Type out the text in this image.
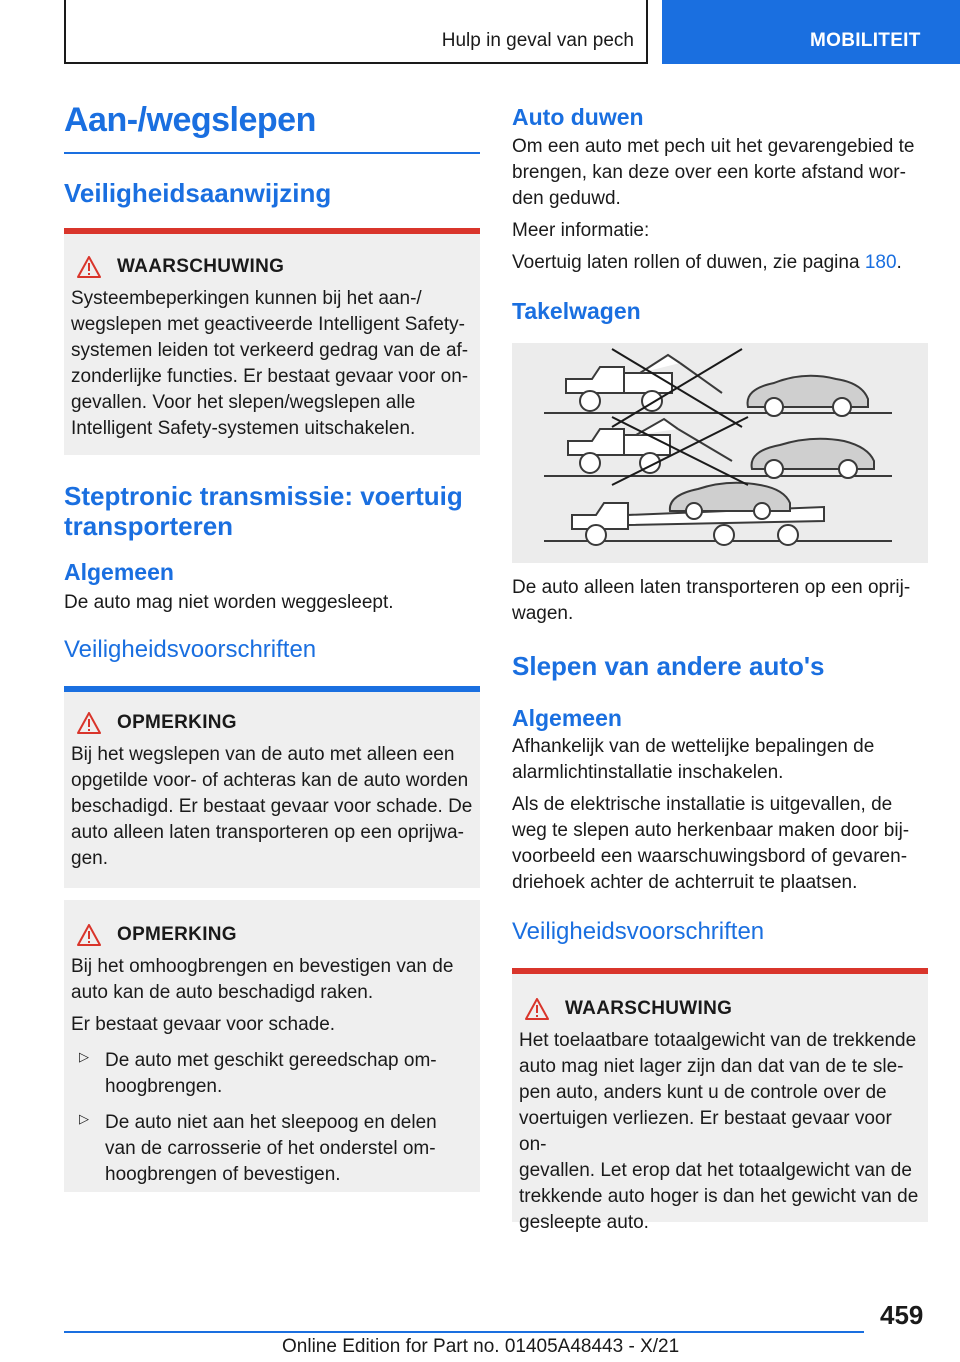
Hulp in geval van pech	MOBILITEIT
Aan-/wegslepen
Veiligheidsaanwijzing
WAARSCHUWING

Systeembeperkingen kunnen bij het aan-/

wegslepen met geactiveerde Intelligent Safety-

systemen leiden tot verkeerd gedrag van de af-

zonderlijke functies. Er bestaat gevaar voor on-

gevallen. Voor het slepen/wegslepen alle

Intelligent Safety-systemen uitschakelen.

Steptronic transmissie: voertuig
transporteren
Algemeen

De auto mag niet worden weggesleept.

Veiligheidsvoorschriften
OPMERKING

Bij het wegslepen van de auto met alleen een

opgetilde voor- of achteras kan de auto worden

beschadigd. Er bestaat gevaar voor schade. De

auto alleen laten transporteren op een oprijwa-

gen.

OPMERKING

Bij het omhoogbrengen en bevestigen van de

auto kan de auto beschadigd raken.

Er bestaat gevaar voor schade.

▷ De auto met geschikt gereedschap om-
hoogbrengen.

▷ De auto niet aan het sleepoog en delen
van de carrosserie of het onderstel om-
hoogbrengen of bevestigen.

Auto duwen

Om een auto met pech uit het gevarengebied te

brengen, kan deze over een korte afstand wor-

den geduwd.

Meer informatie:

Voertuig laten rollen of duwen, zie pagina 180.

Takelwagen

De auto alleen laten transporteren op een oprij-

wagen.

Slepen van andere auto's
Algemeen

Afhankelijk van de wettelijke bepalingen de

alarmlichtinstallatie inschakelen.

Als de elektrische installatie is uitgevallen, de

weg te slepen auto herkenbaar maken door bij-

voorbeeld een waarschuwingsbord of gevaren-

driehoek achter de achterruit te plaatsen.

Veiligheidsvoorschriften
WAARSCHUWING

Het toelaatbare totaalgewicht van de trekkende

auto mag niet lager zijn dan dat van de te sle-

pen auto, anders kunt u de controle over de

voertuigen verliezen. Er bestaat gevaar voor on-

gevallen. Let erop dat het totaalgewicht van de

trekkende auto hoger is dan het gewicht van de

gesleepte auto.

459
Online Edition for Part no. 01405A48443 - X/21
